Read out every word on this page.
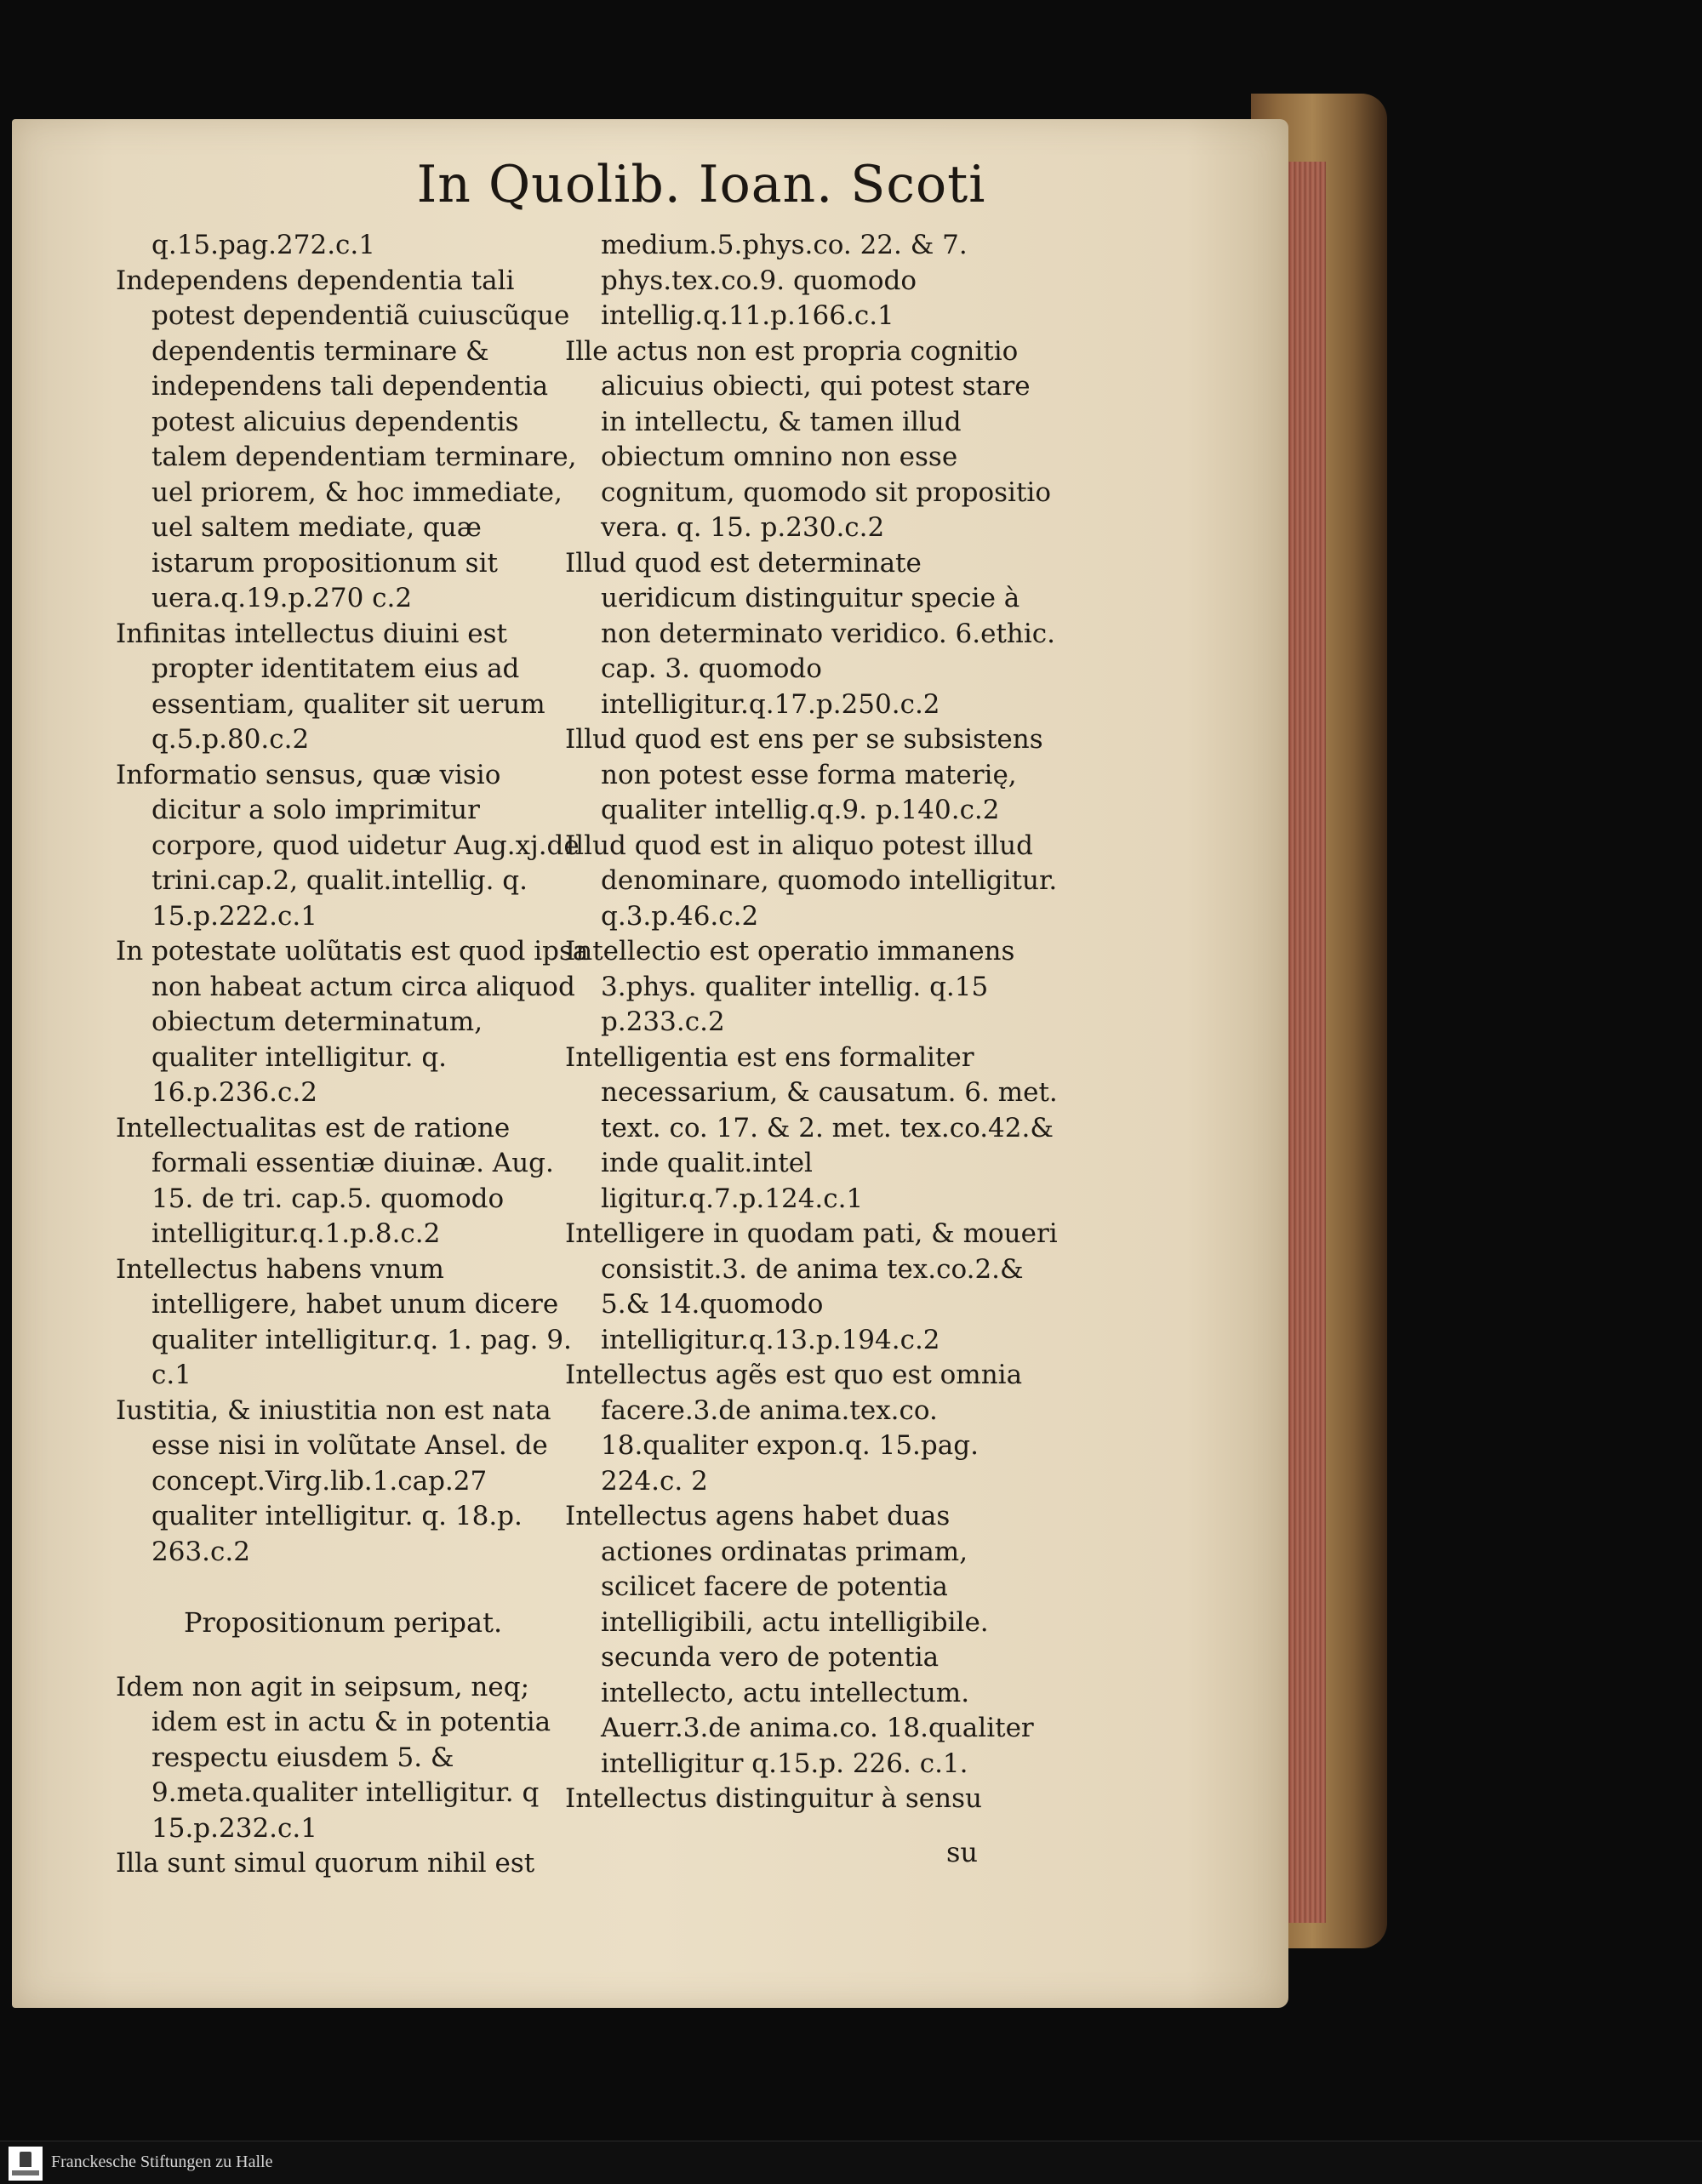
In Quolib. Ioan. Scoti

q.15.pag.272.c.1

Independens dependentia tali potest dependentiã cuiuscũque dependentis terminare & independens tali dependentia potest alicuius dependentis talem dependentiam terminare, uel priorem, & hoc immediate, uel saltem mediate, quæ istarum propositionum sit uera.q.19.p.270 c.2

Infinitas intellectus diuini est propter identitatem eius ad essentiam, qualiter sit uerum q.5.p.80.c.2

Informatio sensus, quæ visio dicitur a solo imprimitur corpore, quod uidetur Aug.xj.de trini.cap.2, qualit.intellig. q. 15.p.222.c.1

In potestate uolũtatis est quod ipsa non habeat actum circa aliquod obiectum determinatum, qualiter intelligitur. q. 16.p.236.c.2

Intellectualitas est de ratione formali essentiæ diuinæ. Aug. 15. de tri. cap.5. quomodo intelligitur.q.1.p.8.c.2

Intellectus habens vnum intelligere, habet unum dicere qualiter intelligitur.q. 1. pag. 9. c.1

Iustitia, & iniustitia non est nata esse nisi in volũtate Ansel. de concept.Virg.lib.1.cap.27 qualiter intelligitur. q. 18.p. 263.c.2

Propositionum peripat.

Idem non agit in seipsum, neq; idem est in actu & in potentia respectu eiusdem 5. & 9.meta.qualiter intelligitur. q 15.p.232.c.1

Illa sunt simul quorum nihil est

medium.5.phys.co. 22. & 7. phys.tex.co.9. quomodo intellig.q.11.p.166.c.1

Ille actus non est propria cognitio alicuius obiecti, qui potest stare in intellectu, & tamen illud obiectum omnino non esse cognitum, quomodo sit propositio vera. q. 15. p.230.c.2

Illud quod est determinate ueridicum distinguitur specie à non determinato veridico. 6.ethic. cap. 3. quomodo intelligitur.q.17.p.250.c.2

Illud quod est ens per se subsistens non potest esse forma materię, qualiter intellig.q.9. p.140.c.2

Illud quod est in aliquo potest illud denominare, quomodo intelligitur. q.3.p.46.c.2

Intellectio est operatio immanens 3.phys. qualiter intellig. q.15 p.233.c.2

Intelligentia est ens formaliter necessarium, & causatum. 6. met. text. co. 17. & 2. met. tex.co.42.& inde qualit.intel ligitur.q.7.p.124.c.1

Intelligere in quodam pati, & moueri consistit.3. de anima tex.co.2.& 5.& 14.quomodo intelligitur.q.13.p.194.c.2

Intellectus agẽs est quo est omnia facere.3.de anima.tex.co. 18.qualiter expon.q. 15.pag. 224.c. 2

Intellectus agens habet duas actiones ordinatas primam, scilicet facere de potentia intelligibili, actu intelligibile. secunda vero de potentia intellecto, actu intellectum. Auerr.3.de anima.co. 18.qualiter intelligitur q.15.p. 226. c.1.

Intellectus distinguitur à sensu

su
Franckesche Stiftungen zu Halle
